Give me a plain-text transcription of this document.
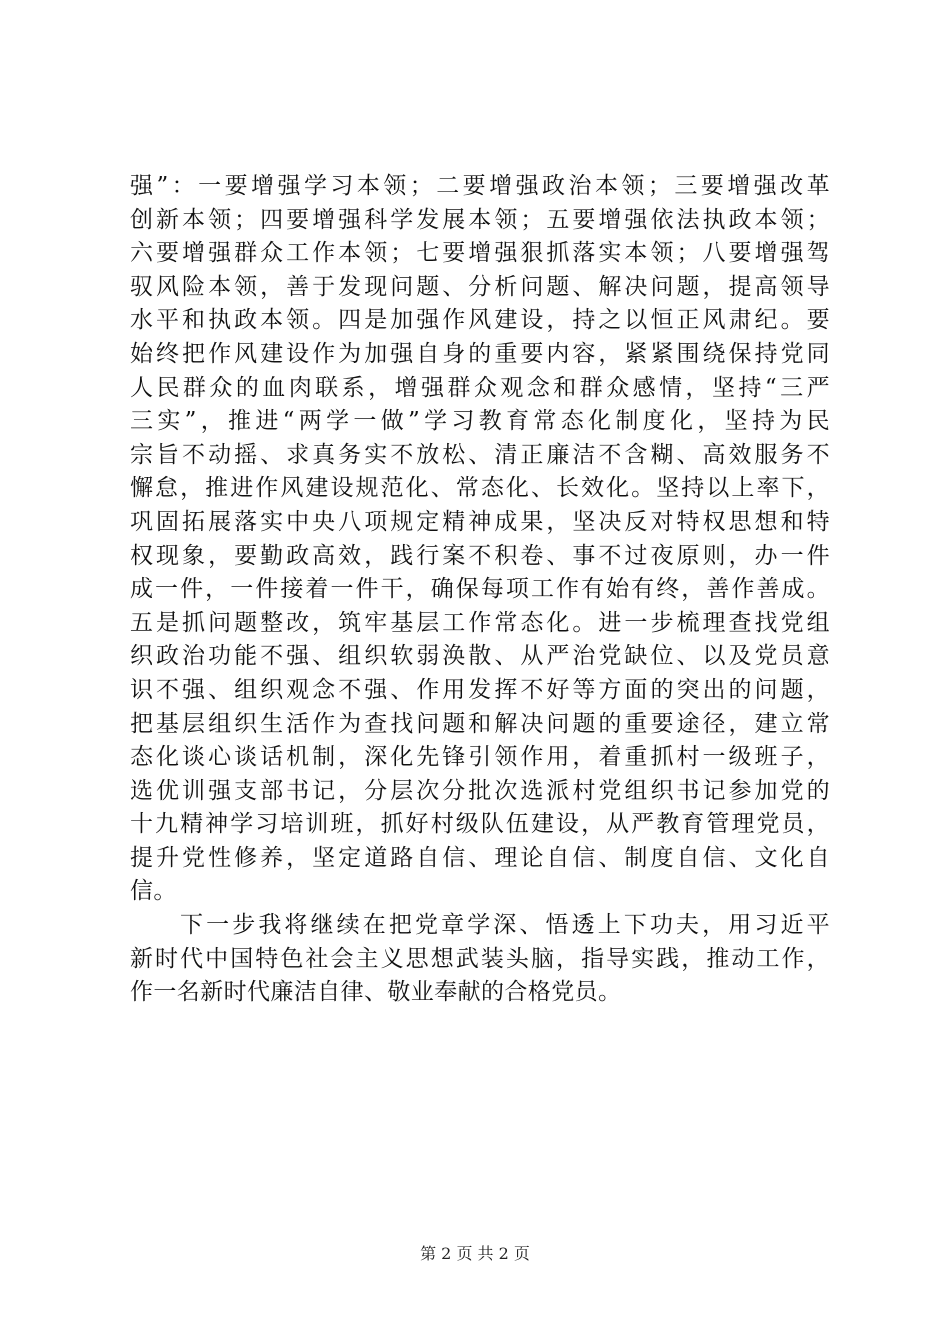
强”：一要增强学习本领；二要增强政治本领；三要增强改革
创新本领；四要增强科学发展本领；五要增强依法执政本领；
六要增强群众工作本领；七要增强狠抓落实本领；八要增强驾
驭风险本领，善于发现问题、分析问题、解决问题，提高领导
水平和执政本领。四是加强作风建设，持之以恒正风肃纪。要
始终把作风建设作为加强自身的重要内容，紧紧围绕保持党同
人民群众的血肉联系，增强群众观念和群众感情，坚持“三严
三实”，推进“两学一做”学习教育常态化制度化，坚持为民
宗旨不动摇、求真务实不放松、清正廉洁不含糊、高效服务不
懈怠，推进作风建设规范化、常态化、长效化。坚持以上率下，
巩固拓展落实中央八项规定精神成果，坚决反对特权思想和特
权现象，要勤政高效，践行案不积卷、事不过夜原则，办一件
成一件，一件接着一件干，确保每项工作有始有终，善作善成。
五是抓问题整改，筑牢基层工作常态化。进一步梳理查找党组
织政治功能不强、组织软弱涣散、从严治党缺位、以及党员意
识不强、组织观念不强、作用发挥不好等方面的突出的问题，
把基层组织生活作为查找问题和解决问题的重要途径，建立常
态化谈心谈话机制，深化先锋引领作用，着重抓村一级班子，
选优训强支部书记，分层次分批次选派村党组织书记参加党的
十九精神学习培训班，抓好村级队伍建设，从严教育管理党员，
提升党性修养，坚定道路自信、理论自信、制度自信、文化自
信。
下一步我将继续在把党章学深、悟透上下功夫，用习近平
新时代中国特色社会主义思想武装头脑，指导实践，推动工作，
作一名新时代廉洁自律、敬业奉献的合格党员。
第 2 页 共 2 页
